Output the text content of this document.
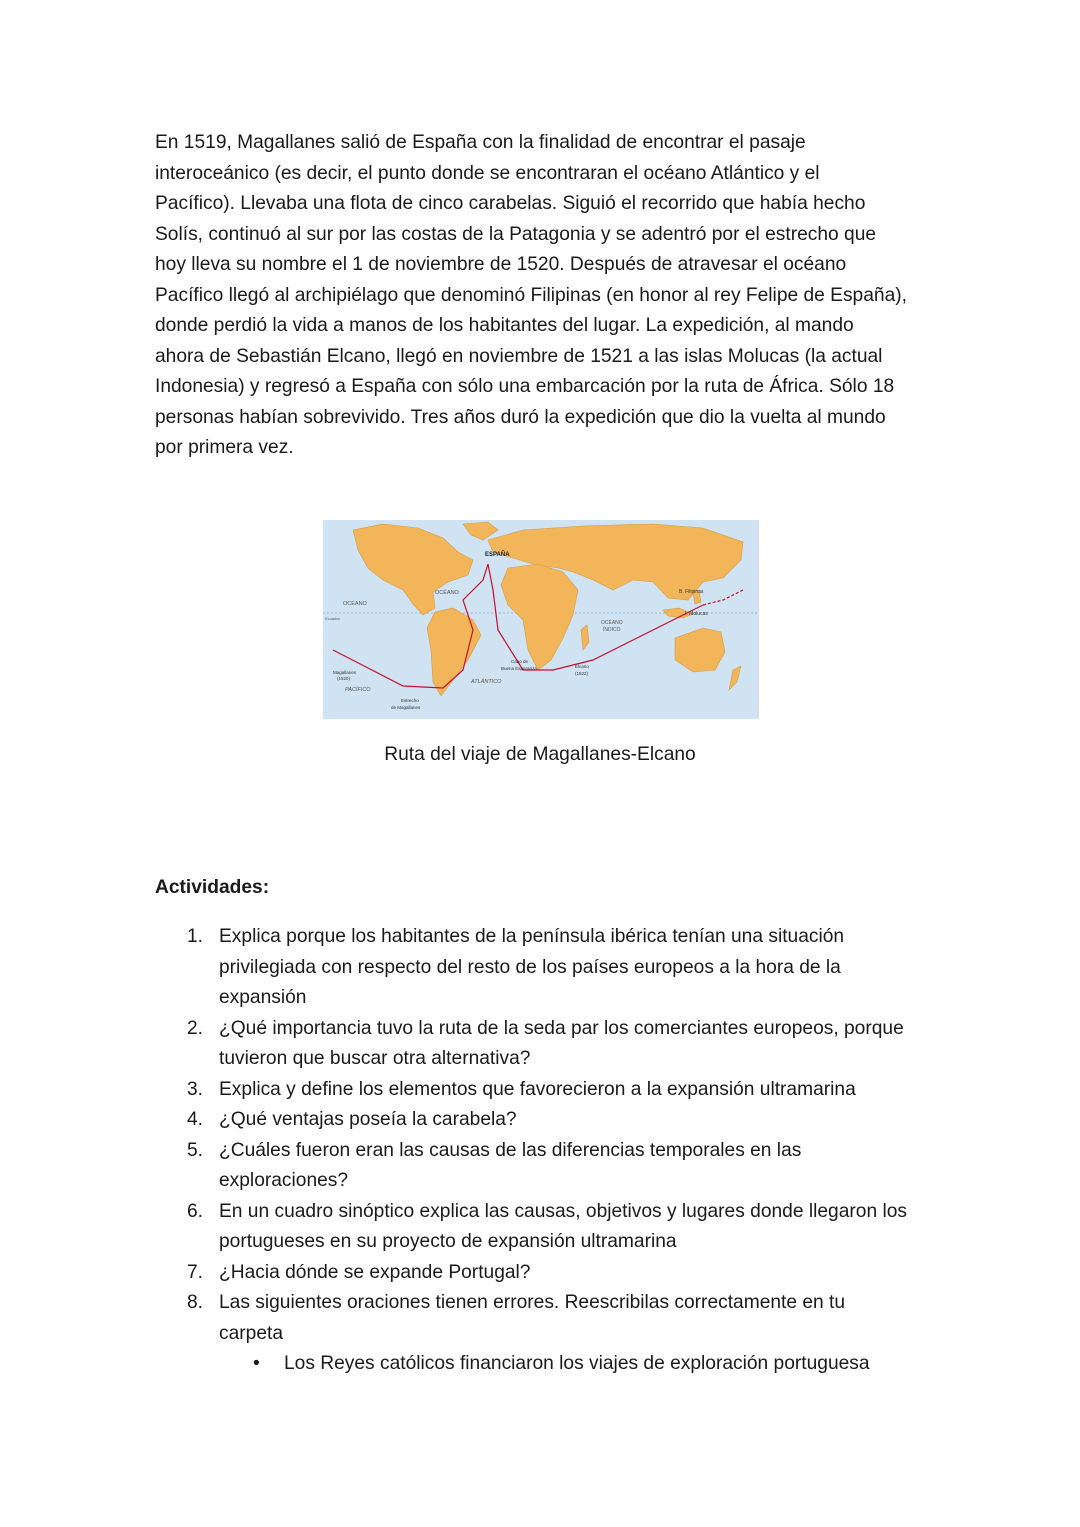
En 1519, Magallanes salió de España con la finalidad de encontrar el pasaje
interoceánico (es decir, el punto donde se encontraran el océano Atlántico y el
Pacífico). Llevaba una flota de cinco carabelas. Siguió el recorrido que había hecho
Solís, continuó al sur por las costas de la Patagonia y se adentró por el estrecho que
hoy lleva su nombre el 1 de noviembre de 1520. Después de atravesar el océano
Pacífico llegó al archipiélago que denominó Filipinas (en honor al rey Felipe de España),
donde perdió la vida a manos de los habitantes del lugar. La expedición, al mando
ahora de Sebastián Elcano, llegó en noviembre de 1521 a las islas Molucas (la actual
Indonesia) y regresó a España con sólo una embarcación por la ruta de África. Sólo 18
personas habían sobrevivido. Tres años duró la expedición que dio la vuelta al mundo
por primera vez.

ESPAÑA
OCÉANO
Ecuador
OCÉANO	B. Filipinas
I. Molucas
OCÉANO
ÍNDICO
Magallanes
(1520)
PACÍFICO
ATLÁNTICO
Cabo de
Buena Esperanza	Elcano
(1522)
Estrecho
de Magallanes
Ruta del viaje de Magallanes-Elcano
Actividades:
1. Explica porque los habitantes de la península ibérica tenían una situación
privilegiada con respecto del resto de los países europeos a la hora de la
expansión
2. ¿Qué importancia tuvo la ruta de la seda par los comerciantes europeos, porque
tuvieron que buscar otra alternativa?
3. Explica y define los elementos que favorecieron a la expansión ultramarina
4. ¿Qué ventajas poseía la carabela?
5. ¿Cuáles fueron eran las causas de las diferencias temporales en las
exploraciones?
6. En un cuadro sinóptico explica las causas, objetivos y lugares donde llegaron los
portugueses en su proyecto de expansión ultramarina
7. ¿Hacia dónde se expande Portugal?
8. Las siguientes oraciones tienen errores. Reescribilas correctamente en tu
carpeta
• Los Reyes católicos financiaron los viajes de exploración portuguesa
